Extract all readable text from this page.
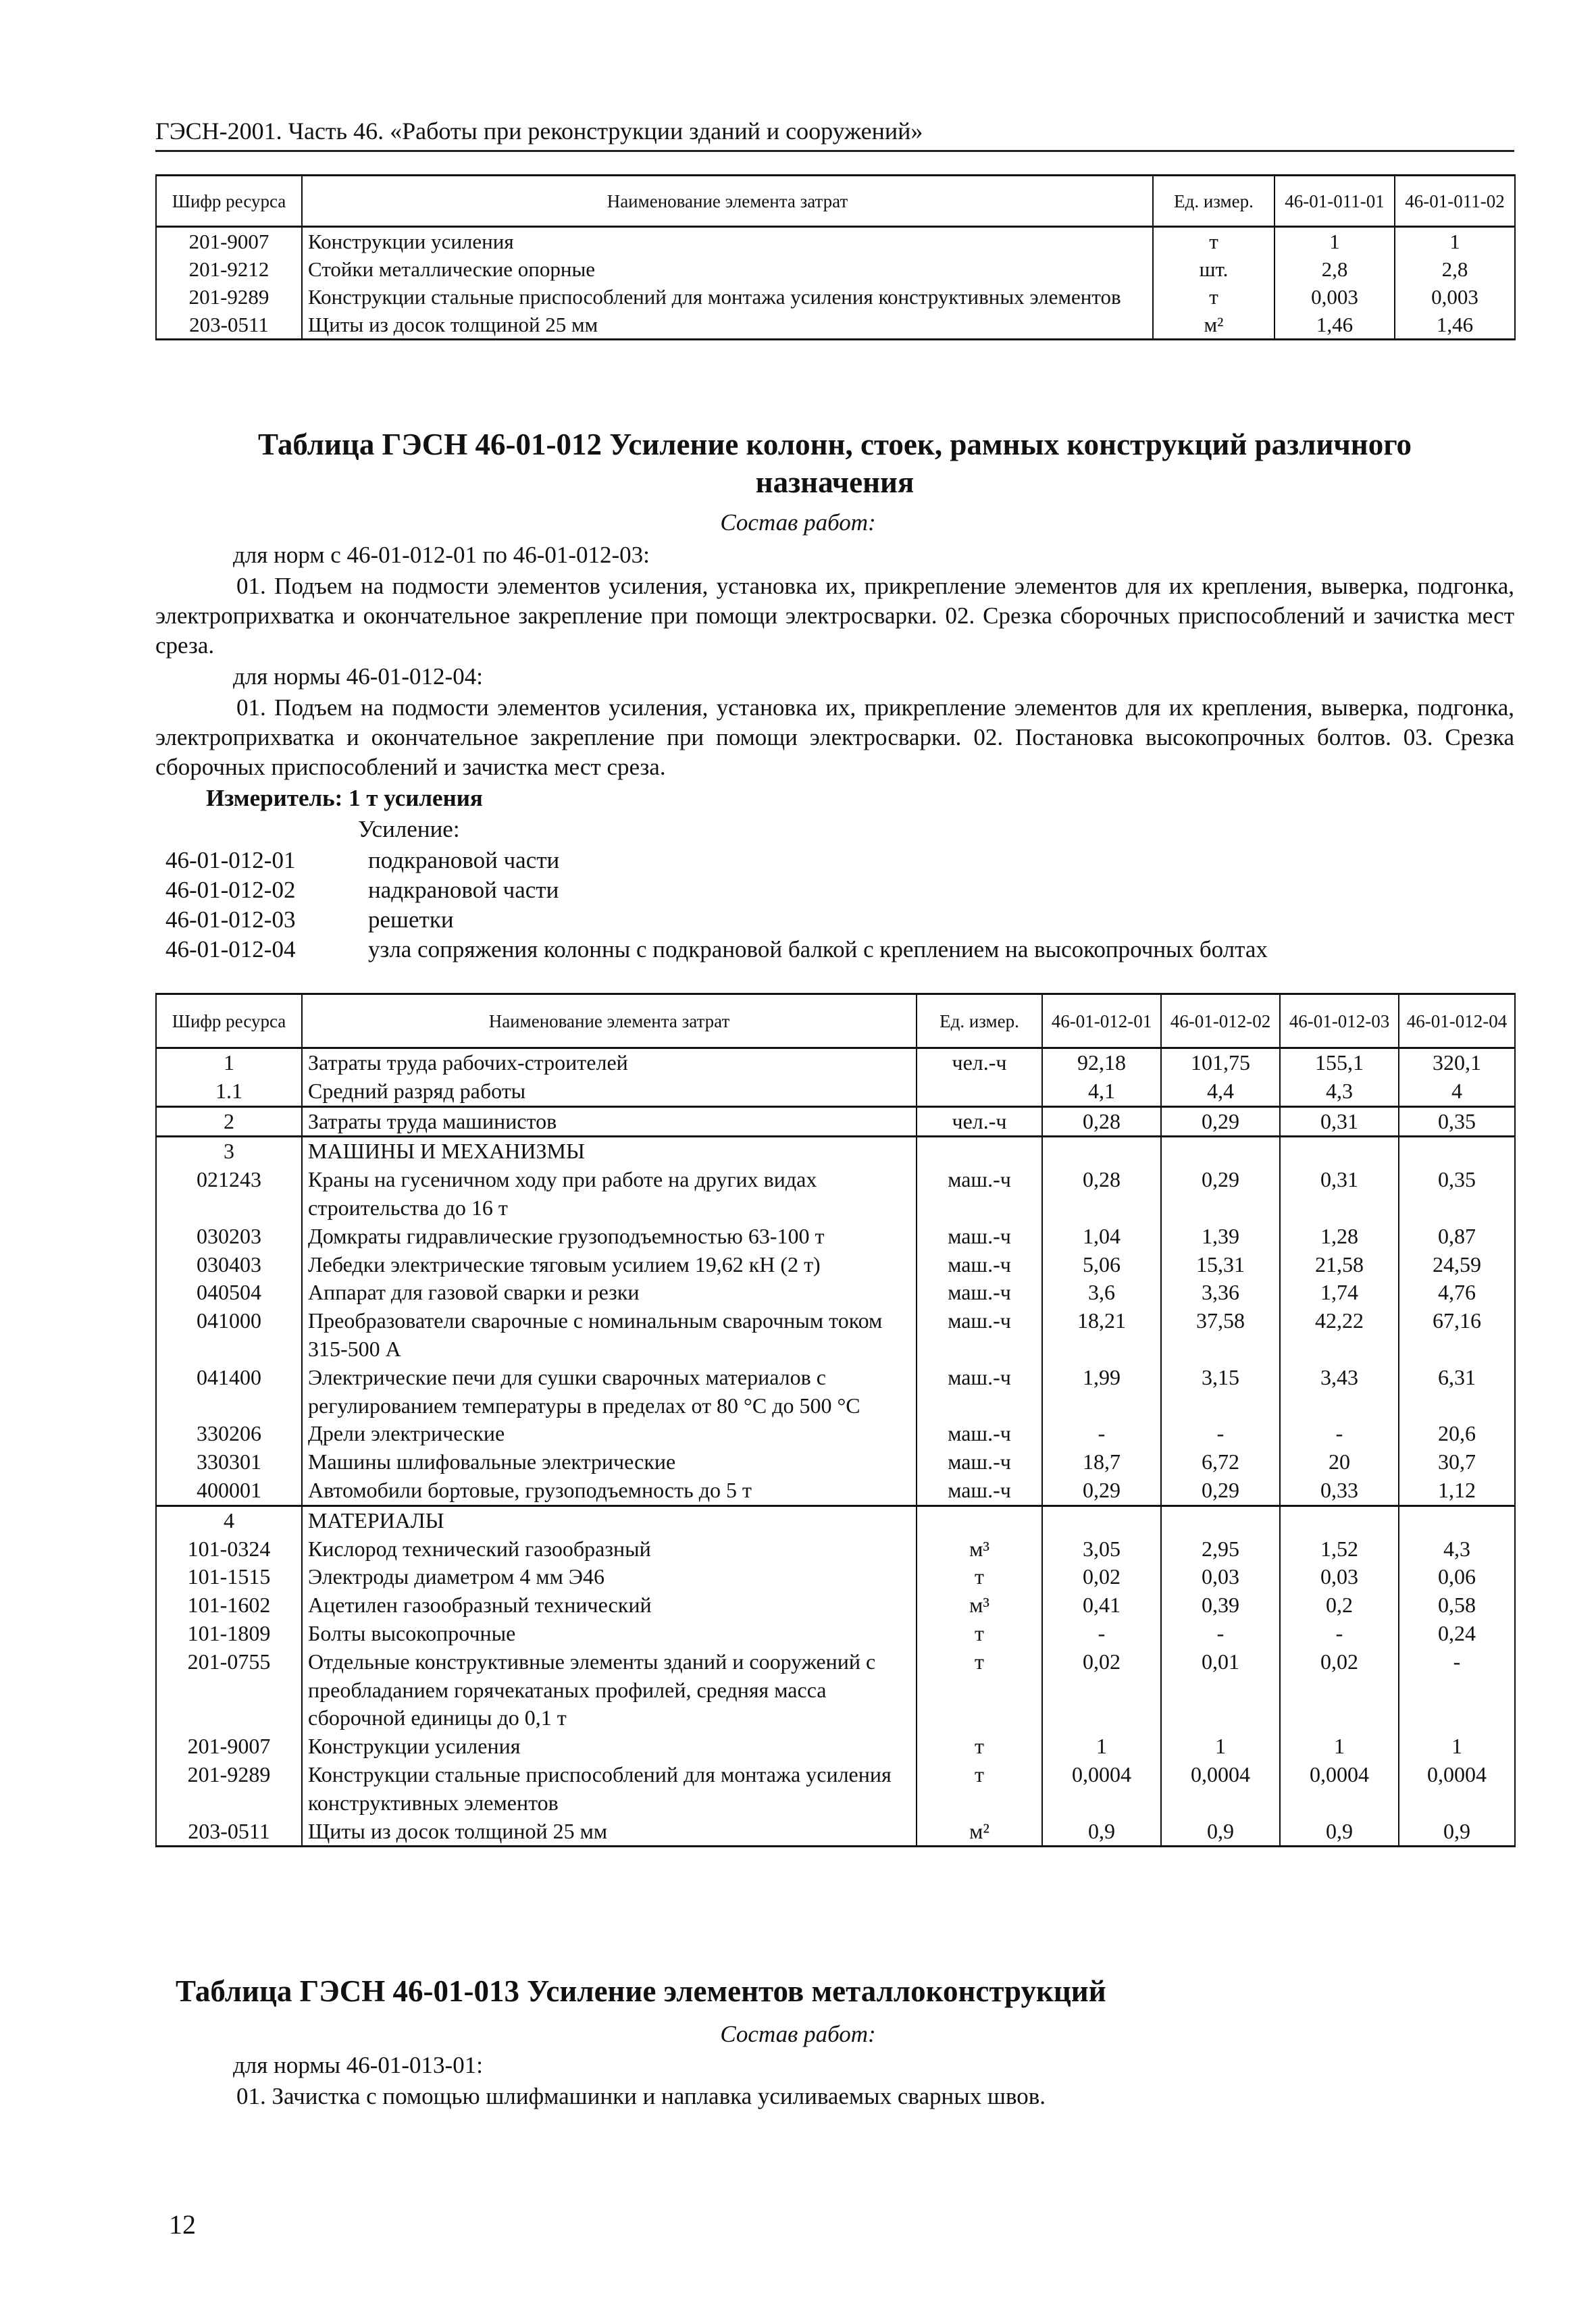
ГЭСН-2001. Часть 46. «Работы при реконструкции зданий и сооружений»
Шифр ресурса	Наименование элемента затрат	Ед. измер.	46-01-011-01	46-01-011-02
201-9007	Конструкции усиления	т	1	1
201-9212	Стойки металлические опорные	шт.	2,8	2,8
201-9289	Конструкции стальные приспособлений для монтажа усиления конструктивных элементов	т	0,003	0,003
203-0511	Щиты из досок толщиной 25 мм	м²	1,46	1,46
Таблица ГЭСН 46-01-012 Усиление колонн, стоек, рамных конструкций различного
назначения
Состав работ:
для норм с 46-01-012-01 по 46-01-012-03:
01. Подъем на подмости элементов усиления, установка их, прикрепление элементов для их крепления, выверка, подгонка, электроприхватка и окончательное закрепление при помощи электросварки. 02. Срезка сборочных приспособлений и зачистка мест среза.
для нормы 46-01-012-04:
01. Подъем на подмости элементов усиления, установка их, прикрепление элементов для их крепления, выверка, подгонка, электроприхватка и окончательное закрепление при помощи электросварки. 02. Постановка высокопрочных болтов. 03. Срезка сборочных приспособлений и зачистка мест среза.
Измеритель: 1 т усиления
Усиление:
46-01-012-01	подкрановой части
46-01-012-02	надкрановой части
46-01-012-03	решетки
46-01-012-04	узла сопряжения колонны с подкрановой балкой с креплением на высокопрочных болтах
Шифр ресурса	Наименование элемента затрат	Ед. измер.	46-01-012-01	46-01-012-02	46-01-012-03	46-01-012-04
1	Затраты труда рабочих-строителей	чел.-ч	92,18	101,75	155,1	320,1
1.1	Средний разряд работы		4,1	4,4	4,3	4
2	Затраты труда машинистов	чел.-ч	0,28	0,29	0,31	0,35
3	МАШИНЫ И МЕХАНИЗМЫ					
021243	Краны на гусеничном ходу при работе на других видах строительства до 16 т	маш.-ч	0,28	0,29	0,31	0,35
030203	Домкраты гидравлические грузоподъемностью 63-100 т	маш.-ч	1,04	1,39	1,28	0,87
030403	Лебедки электрические тяговым усилием 19,62 кН (2 т)	маш.-ч	5,06	15,31	21,58	24,59
040504	Аппарат для газовой сварки и резки	маш.-ч	3,6	3,36	1,74	4,76
041000	Преобразователи сварочные с номинальным сварочным током 315-500 А	маш.-ч	18,21	37,58	42,22	67,16
041400	Электрические печи для сушки сварочных материалов с регулированием температуры в пределах от 80 °С до 500 °С	маш.-ч	1,99	3,15	3,43	6,31
330206	Дрели электрические	маш.-ч	-	-	-	20,6
330301	Машины шлифовальные электрические	маш.-ч	18,7	6,72	20	30,7
400001	Автомобили бортовые, грузоподъемность до 5 т	маш.-ч	0,29	0,29	0,33	1,12
4	МАТЕРИАЛЫ					
101-0324	Кислород технический газообразный	м³	3,05	2,95	1,52	4,3
101-1515	Электроды диаметром 4 мм Э46	т	0,02	0,03	0,03	0,06
101-1602	Ацетилен газообразный технический	м³	0,41	0,39	0,2	0,58
101-1809	Болты высокопрочные	т	-	-	-	0,24
201-0755	Отдельные конструктивные элементы зданий и сооружений с преобладанием горячекатаных профилей, средняя масса сборочной единицы до 0,1 т	т	0,02	0,01	0,02	-
201-9007	Конструкции усиления	т	1	1	1	1
201-9289	Конструкции стальные приспособлений для монтажа усиления конструктивных элементов	т	0,0004	0,0004	0,0004	0,0004
203-0511	Щиты из досок толщиной 25 мм	м²	0,9	0,9	0,9	0,9
Таблица ГЭСН 46-01-013 Усиление элементов металлоконструкций
Состав работ:
для нормы 46-01-013-01:
01. Зачистка с помощью шлифмашинки и наплавка усиливаемых сварных швов.
12
